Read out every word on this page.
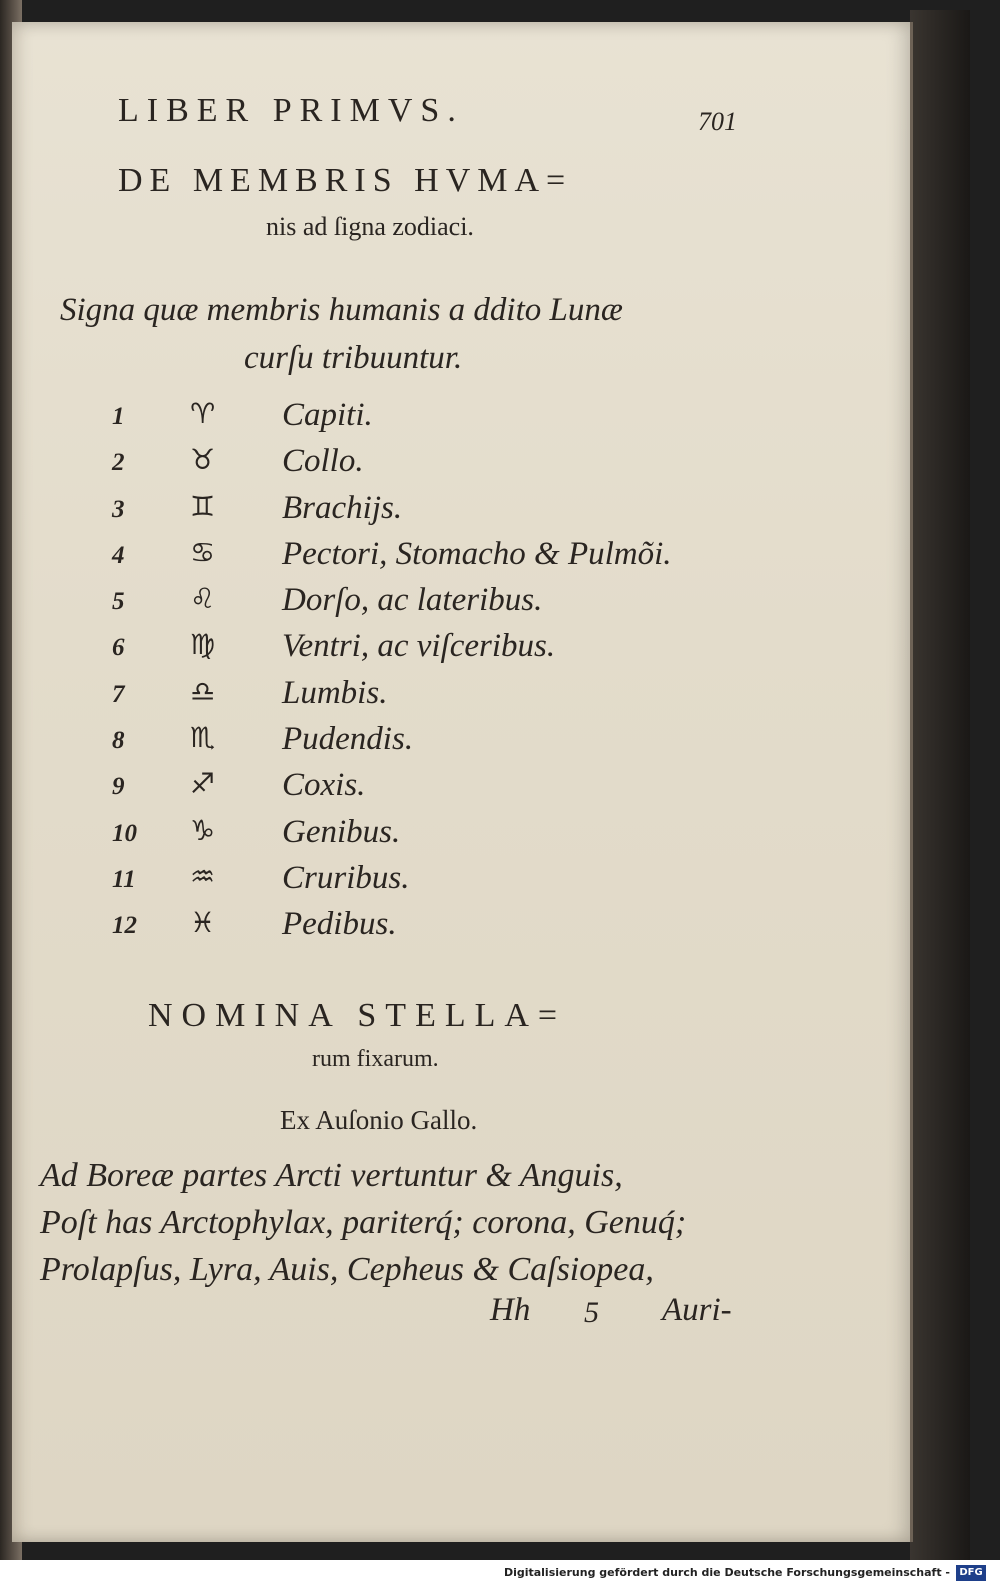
LIBER PRIMVS.	701
DE MEMBRIS HVMA=
nis ad ſigna zodiaci.
Signa quæ membris humanis a ddito Lunæ
curſu tribuuntur.
1	♈ Capiti.
2	♉ Collo.
3	♊ Brachijs.
4	♋ Pectori, Stomacho & Pulmõi.
5	♌ Dorſo, ac lateribus.
6	♍ Ventri, ac viſceribus.
7	♎ Lumbis.
8	♏ Pudendis.
9	♐ Coxis.
10	♑ Genibus.
11	♒ Cruribus.
12	♓ Pedibus.
NOMINA STELLA=
rum fixarum.
Ex Auſonio Gallo.
Ad Boreæ partes Arcti vertuntur & Anguis,
Poſt has Arctophylax, pariterq́; corona, Genuq́;
Prolapſus, Lyra, Auis, Cepheus & Caſsiopea,
Hh 5 Auri-
Digitalisierung gefördert durch die Deutsche Forschungsgemeinschaft - DFG
